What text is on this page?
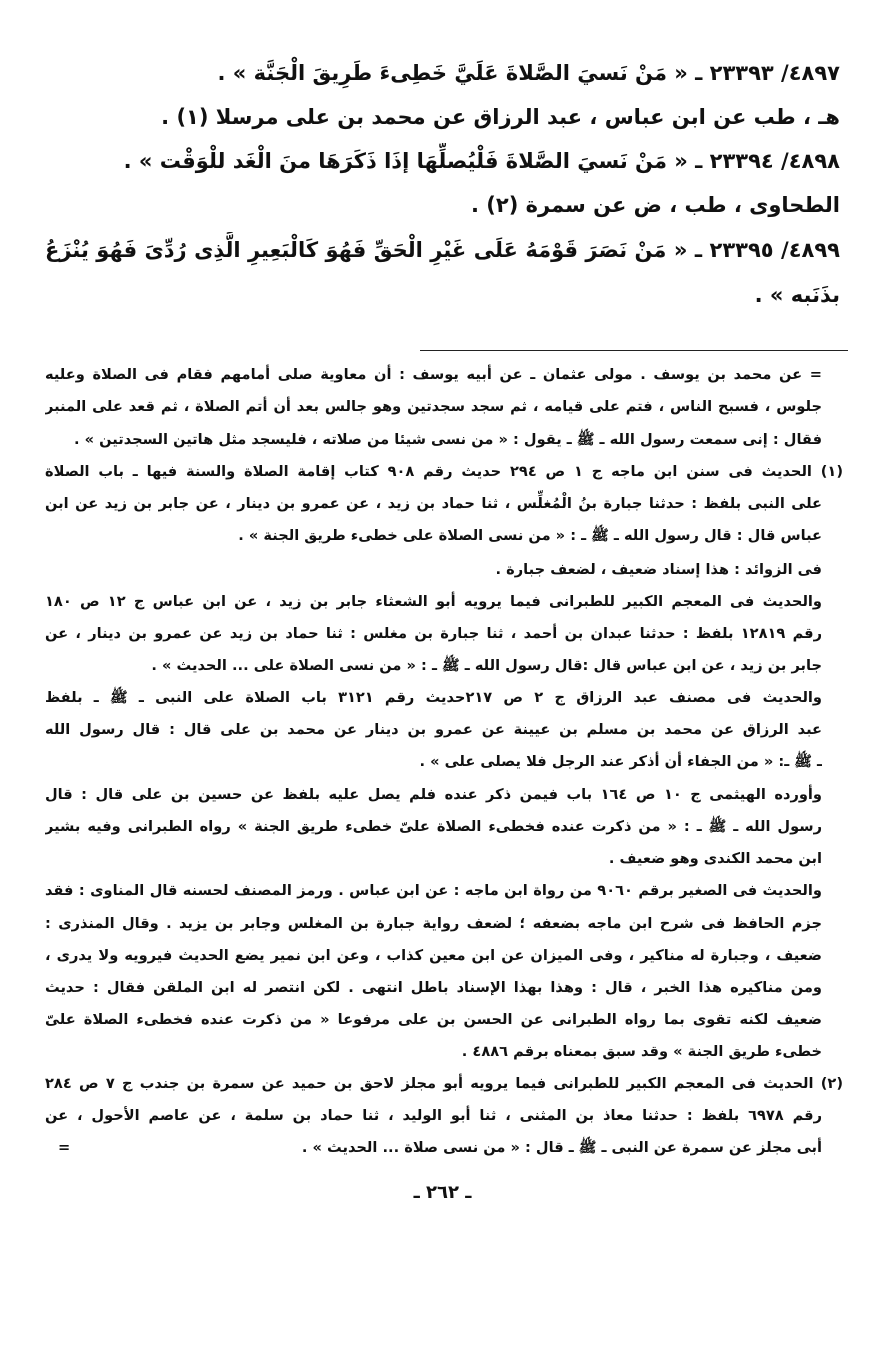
٤٨٩٧/ ٢٣٣٩٣ ـ « مَنْ نَسيَ الصَّلاةَ عَلَيَّ خَطِىءَ طَرِيقَ الْجَنَّة » .
هـ ، طب عن ابن عباس ، عبد الرزاق عن محمد بن على مرسلا (١) .
٤٨٩٨/ ٢٣٣٩٤ ـ « مَنْ نَسيَ الصَّلاةَ فَلْيُصلِّهَا إذَا ذَكَرَهَا منَ الْغَد للْوَقْت » .
الطحاوى ، طب ، ض عن سمرة (٢) .
٤٨٩٩/ ٢٣٣٩٥ ـ « مَنْ نَصَرَ قَوْمَهُ عَلَى غَيْرِ الْحَقِّ فَهُوَ كَالْبَعِيرِ الَّذِى رُدِّىَ فَهُوَ يُنْزَعُ
بذَنَبه » .
= عن محمد بن يوسف . مولى عثمان ـ عن أبيه يوسف : أن معاوية صلى أمامهم فقام فى الصلاة وعليه
جلوس ، فسبح الناس ، فتم على قيامه ، ثم سجد سجدتين وهو جالس بعد أن أتم الصلاة ، ثم قعد على المنبر
فقال : إنى سمعت رسول الله ـ ﷺ ـ يقول : « من نسى شيئا من صلاته ، فليسجد مثل هاتين السجدتين » .
(١) الحديث فى سنن ابن ماجه ج ١ ص ٢٩٤ حديث رقم ٩٠٨ كتاب إقامة الصلاة والسنة فيها ـ باب الصلاة
على النبى بلفظ : حدثنا جبارة بنُ الْمُغلِّس ، ثنا حماد بن زيد ، عن عمرو بن دينار ، عن جابر بن زيد عن ابن
عباس قال : قال رسول الله ـ ﷺ ـ : « من نسى الصلاة على خطىء طريق الجنة » .
فى الزوائد : هذا إسناد ضعيف ، لضعف جبارة .
والحديث فى المعجم الكبير للطبرانى فيما يرويه أبو الشعثاء جابر بن زيد ، عن ابن عباس ج ١٢ ص ١٨٠
رقم ١٢٨١٩ بلفظ : حدثنا عبدان بن أحمد ، ثنا جبارة بن مغلس : ثنا حماد بن زيد عن عمرو بن دينار ، عن
جابر بن زيد ، عن ابن عباس قال :قال رسول الله ـ ﷺ ـ : « من نسى الصلاة على ... الحديث » .
والحديث فى مصنف عبد الرزاق ج ٢ ص ٢١٧حديث رقم ٣١٢١ باب الصلاة على النبى ـ ﷺ ـ بلفظ
عبد الرزاق عن محمد بن مسلم بن عيينة عن عمرو بن دينار عن محمد بن على قال : قال رسول الله
ـ ﷺ ـ: « من الجفاء أن أذكر عند الرجل فلا يصلى على » .
وأورده الهيثمى ج ١٠ ص ١٦٤ باب فيمن ذكر عنده فلم يصل عليه بلفظ عن حسين بن على قال : قال
رسول الله ـ ﷺ ـ : « من ذكرت عنده فخطىء الصلاة علىّ خطىء طريق الجنة » رواه الطبرانى وفيه بشير
ابن محمد الكندى وهو ضعيف .
والحديث فى الصغير برقم ٩٠٦٠ من رواة ابن ماجه : عن ابن عباس . ورمز المصنف لحسنه قال المناوى : فقد
جزم الحافظ فى شرح ابن ماجه بضعفه ؛ لضعف رواية جبارة بن المغلس وجابر بن يزيد . وقال المنذرى :
ضعيف ، وجبارة له مناكير ، وفى الميزان عن ابن معين كذاب ، وعن ابن نمير يضع الحديث فيرويه ولا يدرى ،
ومن مناكيره هذا الخبر ، قال : وهذا بهذا الإسناد باطل انتهى . لكن انتصر له ابن الملقن فقال : حديث
ضعيف لكنه تقوى بما رواه الطبرانى عن الحسن بن على مرفوعا « من ذكرت عنده فخطىء الصلاة علىّ
خطىء طريق الجنة » وقد سبق بمعناه برقم ٤٨٨٦ .
(٢) الحديث فى المعجم الكبير للطبرانى فيما يرويه أبو مجلز لاحق بن حميد عن سمرة بن جندب ج ٧ ص ٢٨٤
رقم ٦٩٧٨ بلفظ : حدثنا معاذ بن المثنى ، ثنا أبو الوليد ، ثنا حماد بن سلمة ، عن عاصم الأحول ، عن
أبى مجلز عن سمرة عن النبى ـ ﷺ ـ قال : « من نسى صلاة ... الحديث » .
=
ـ ٢٦٢ ـ
